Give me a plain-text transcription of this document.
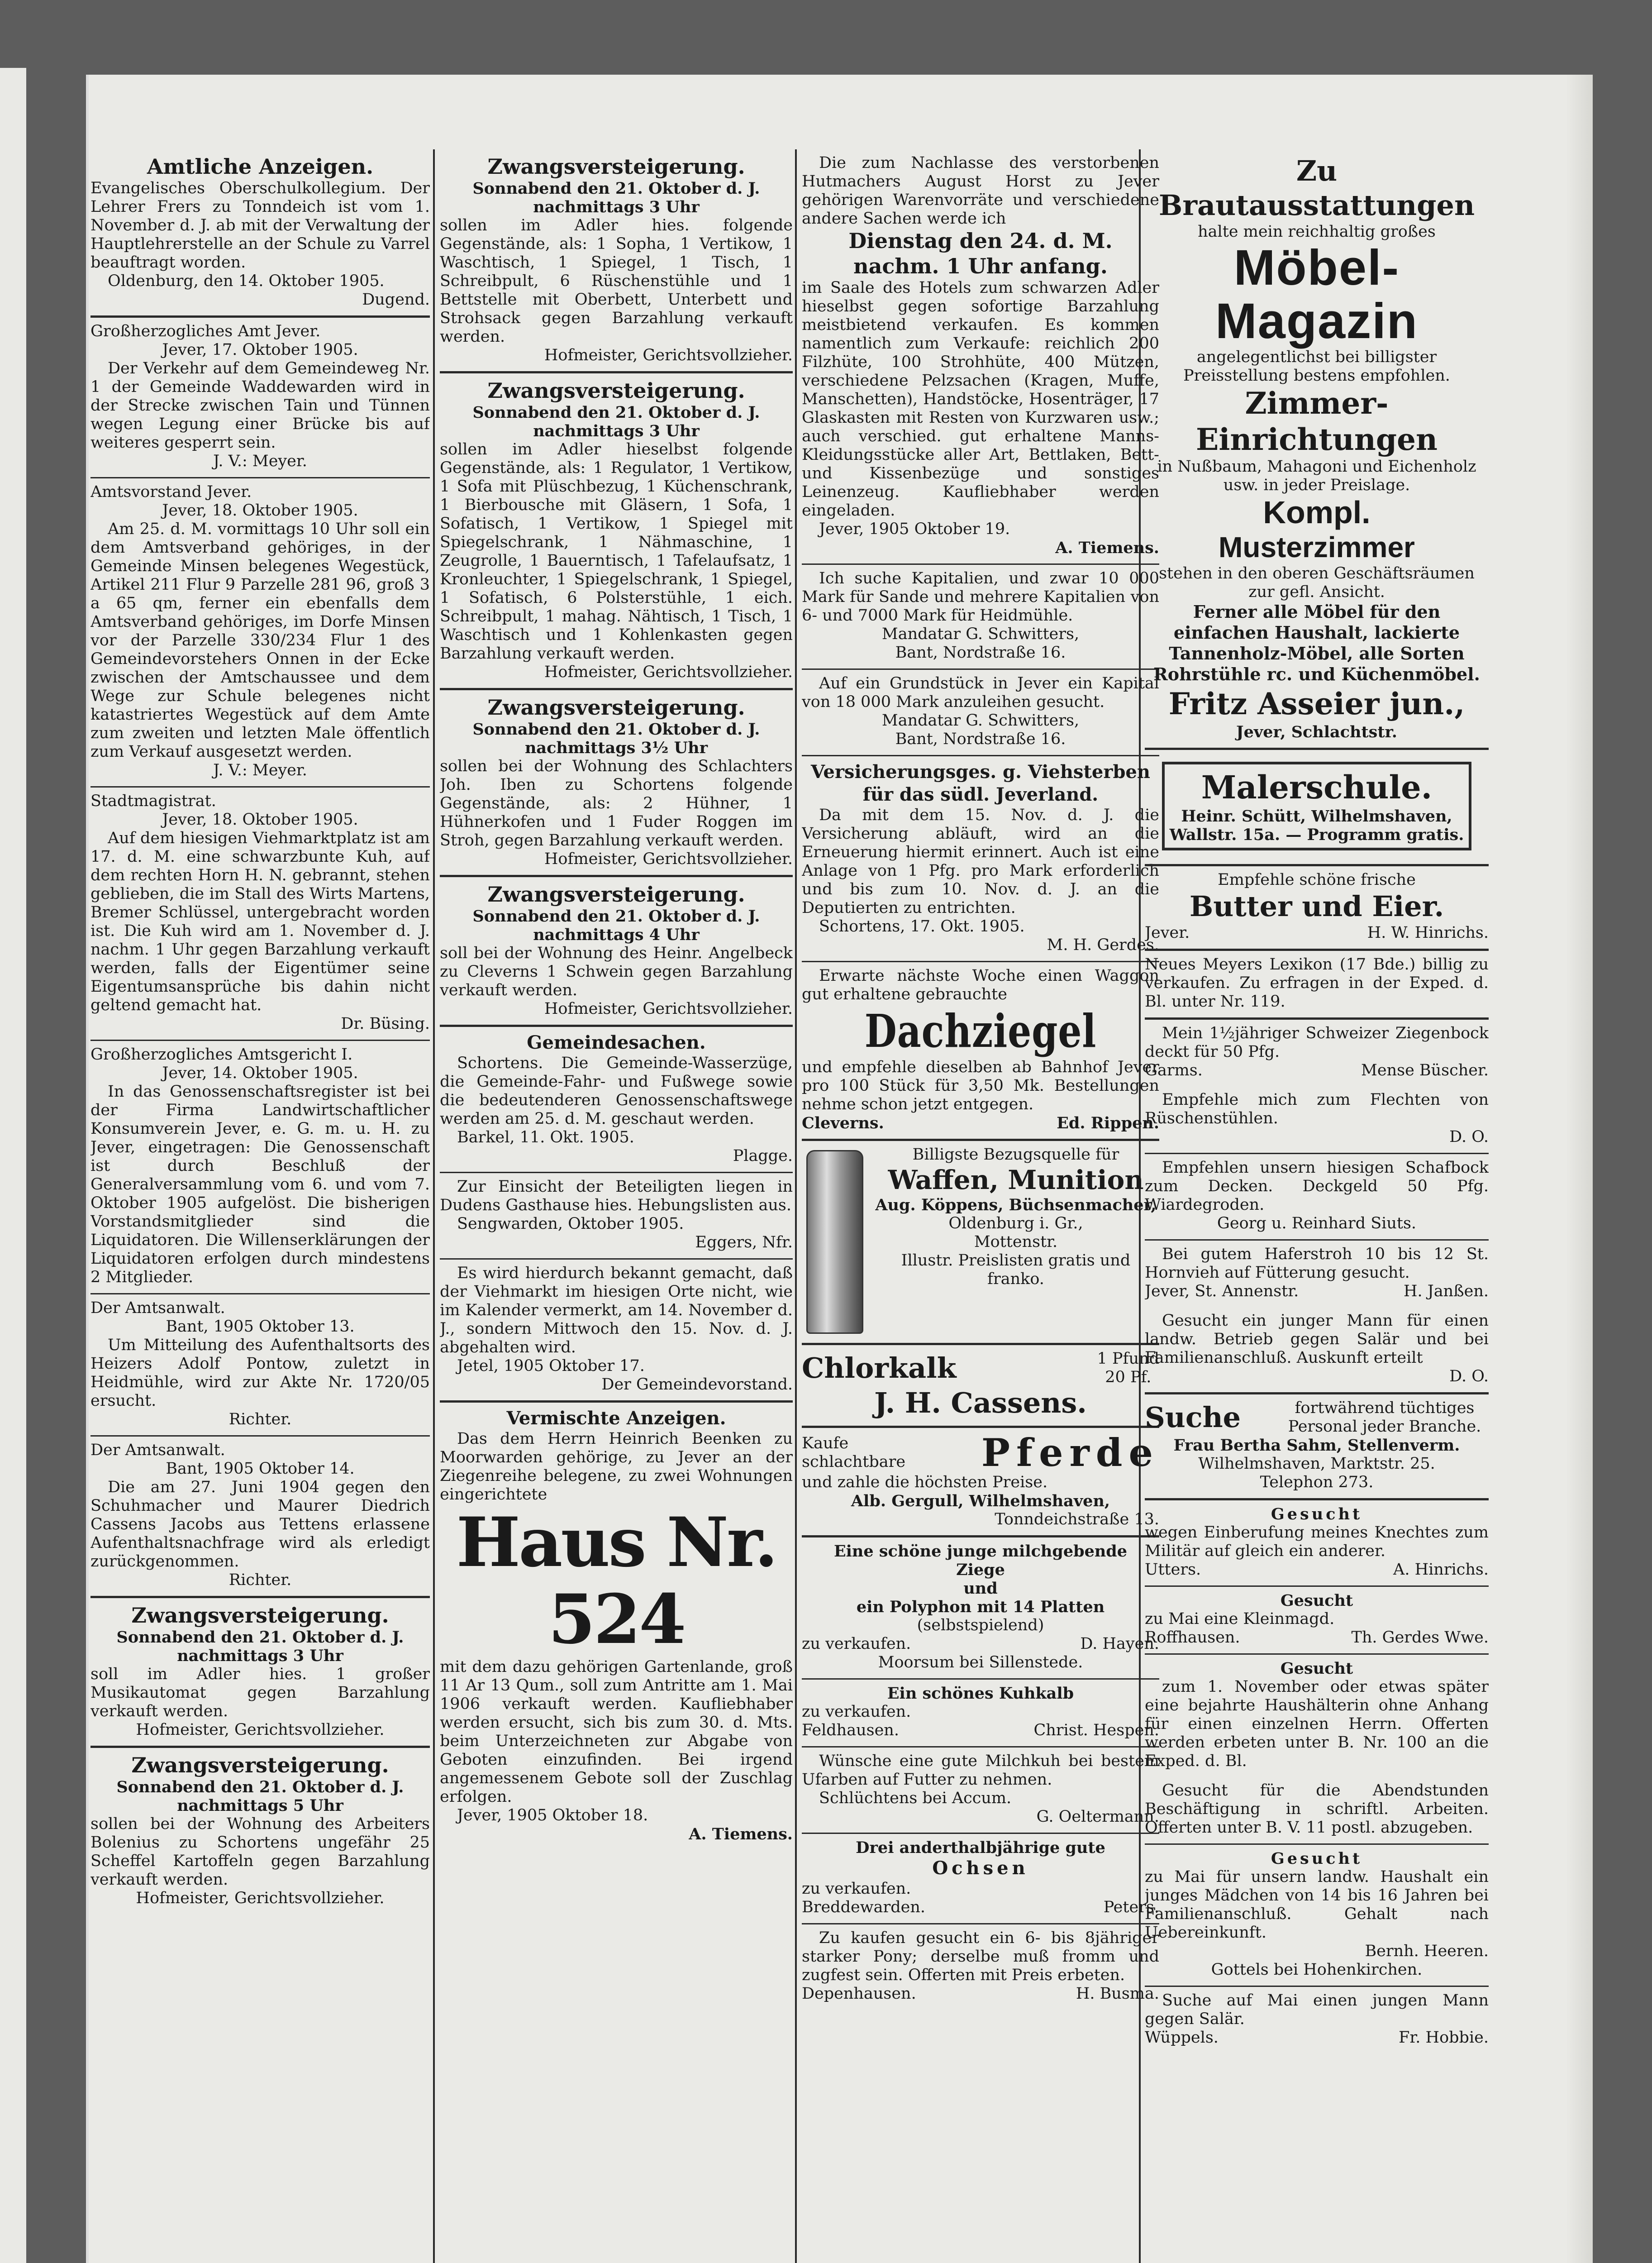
Amtliche Anzeigen.

Evangelisches Oberschulkollegium. Der Lehrer Frers zu Tonndeich ist vom 1. November d. J. ab mit der Verwaltung der Hauptlehrerstelle an der Schule zu Varrel beauftragt worden.

Oldenburg, den 14. Oktober 1905.

Dugend.

Großherzogliches Amt Jever.

Jever, 17. Oktober 1905.

Der Verkehr auf dem Gemeindeweg Nr. 1 der Gemeinde Waddewarden wird in der Strecke zwischen Tain und Tünnen wegen Legung einer Brücke bis auf weiteres gesperrt sein.

J. V.: Meyer.

Amtsvorstand Jever.

Jever, 18. Oktober 1905.

Am 25. d. M. vormittags 10 Uhr soll ein dem Amtsverband gehöriges, in der Gemeinde Minsen belegenes Wegestück, Artikel 211 Flur 9 Parzelle 281 96, groß 3 a 65 qm, ferner ein ebenfalls dem Amtsverband gehöriges, im Dorfe Minsen vor der Parzelle 330/234 Flur 1 des Gemeindevorstehers Onnen in der Ecke zwischen der Amtschaussee und dem Wege zur Schule belegenes nicht katastriertes Wegestück auf dem Amte zum zweiten und letzten Male öffentlich zum Verkauf ausgesetzt werden.

J. V.: Meyer.

Stadtmagistrat.

Jever, 18. Oktober 1905.

Auf dem hiesigen Viehmarktplatz ist am 17. d. M. eine schwarzbunte Kuh, auf dem rechten Horn H. N. gebrannt, stehen geblieben, die im Stall des Wirts Martens, Bremer Schlüssel, untergebracht worden ist. Die Kuh wird am 1. November d. J. nachm. 1 Uhr gegen Barzahlung verkauft werden, falls der Eigentümer seine Eigentumsansprüche bis dahin nicht geltend gemacht hat.

Dr. Büsing.

Großherzogliches Amtsgericht I.

Jever, 14. Oktober 1905.

In das Genossenschaftsregister ist bei der Firma Landwirtschaftlicher Konsumverein Jever, e. G. m. u. H. zu Jever, eingetragen: Die Genossenschaft ist durch Beschluß der Generalversammlung vom 6. und vom 7. Oktober 1905 aufgelöst. Die bisherigen Vorstandsmitglieder sind die Liquidatoren. Die Willenserklärungen der Liquidatoren erfolgen durch mindestens 2 Mitglieder.

Der Amtsanwalt.

Bant, 1905 Oktober 13.

Um Mitteilung des Aufenthaltsorts des Heizers Adolf Pontow, zuletzt in Heidmühle, wird zur Akte Nr. 1720/05 ersucht.

Richter.

Der Amtsanwalt.

Bant, 1905 Oktober 14.

Die am 27. Juni 1904 gegen den Schuhmacher und Maurer Diedrich Cassens Jacobs aus Tettens erlassene Aufenthaltsnachfrage wird als erledigt zurückgenommen.

Richter.

Zwangsversteigerung.

Sonnabend den 21. Oktober d. J.

nachmittags 3 Uhr

soll im Adler hies. 1 großer Musikautomat gegen Barzahlung verkauft werden.

Hofmeister, Gerichtsvollzieher.

Zwangsversteigerung.

Sonnabend den 21. Oktober d. J.

nachmittags 5 Uhr

sollen bei der Wohnung des Arbeiters Bolenius zu Schortens ungefähr 25 Scheffel Kartoffeln gegen Barzahlung verkauft werden.

Hofmeister, Gerichtsvollzieher.

Zwangsversteigerung.

Sonnabend den 21. Oktober d. J.

nachmittags 3 Uhr

sollen im Adler hies. folgende Gegenstände, als: 1 Sopha, 1 Vertikow, 1 Waschtisch, 1 Spiegel, 1 Tisch, 1 Schreibpult, 6 Rüschenstühle und 1 Bettstelle mit Oberbett, Unterbett und Strohsack gegen Barzahlung verkauft werden.

Hofmeister, Gerichtsvollzieher.

Zwangsversteigerung.

Sonnabend den 21. Oktober d. J.

nachmittags 3 Uhr

sollen im Adler hieselbst folgende Gegenstände, als: 1 Regulator, 1 Vertikow, 1 Sofa mit Plüschbezug, 1 Küchenschrank, 1 Bierbousche mit Gläsern, 1 Sofa, 1 Sofatisch, 1 Vertikow, 1 Spiegel mit Spiegelschrank, 1 Nähmaschine, 1 Zeugrolle, 1 Bauerntisch, 1 Tafelaufsatz, 1 Kronleuchter, 1 Spiegelschrank, 1 Spiegel, 1 Sofatisch, 6 Polsterstühle, 1 eich. Schreibpult, 1 mahag. Nähtisch, 1 Tisch, 1 Waschtisch und 1 Kohlenkasten gegen Barzahlung verkauft werden.

Hofmeister, Gerichtsvollzieher.

Zwangsversteigerung.

Sonnabend den 21. Oktober d. J.

nachmittags 3½ Uhr

sollen bei der Wohnung des Schlachters Joh. Iben zu Schortens folgende Gegenstände, als: 2 Hühner, 1 Hühnerkofen und 1 Fuder Roggen im Stroh, gegen Barzahlung verkauft werden.

Hofmeister, Gerichtsvollzieher.

Zwangsversteigerung.

Sonnabend den 21. Oktober d. J.

nachmittags 4 Uhr

soll bei der Wohnung des Heinr. Angelbeck zu Cleverns 1 Schwein gegen Barzahlung verkauft werden.

Hofmeister, Gerichtsvollzieher.

Gemeindesachen.

Schortens. Die Gemeinde-Wasserzüge, die Gemeinde-Fahr- und Fußwege sowie die bedeutenderen Genossenschaftswege werden am 25. d. M. geschaut werden.

Barkel, 11. Okt. 1905.

Plagge.

Zur Einsicht der Beteiligten liegen in Dudens Gasthause hies. Hebungslisten aus.

Sengwarden, Oktober 1905.

Eggers, Nfr.

Es wird hierdurch bekannt gemacht, daß der Viehmarkt im hiesigen Orte nicht, wie im Kalender vermerkt, am 14. November d. J., sondern Mittwoch den 15. Nov. d. J. abgehalten wird.

Jetel, 1905 Oktober 17.

Der Gemeindevorstand.

Vermischte Anzeigen.

Das dem Herrn Heinrich Beenken zu Moorwarden gehörige, zu Jever an der Ziegenreihe belegene, zu zwei Wohnungen eingerichtete

Haus Nr. 524

mit dem dazu gehörigen Gartenlande, groß 11 Ar 13 Qum., soll zum Antritte am 1. Mai 1906 verkauft werden. Kaufliebhaber werden ersucht, sich bis zum 30. d. Mts. beim Unterzeichneten zur Abgabe von Geboten einzufinden. Bei irgend angemessenem Gebote soll der Zuschlag erfolgen.

Jever, 1905 Oktober 18.

A. Tiemens.

Die zum Nachlasse des verstorbenen Hutmachers August Horst zu Jever gehörigen Warenvorräte und verschiedene andere Sachen werde ich

Dienstag den 24. d. M.

nachm. 1 Uhr anfang.

im Saale des Hotels zum schwarzen Adler hieselbst gegen sofortige Barzahlung meistbietend verkaufen. Es kommen namentlich zum Verkaufe: reichlich 200 Filzhüte, 100 Strohhüte, 400 Mützen, verschiedene Pelzsachen (Kragen, Muffe, Manschetten), Handstöcke, Hosenträger, 17 Glaskasten mit Resten von Kurzwaren usw.; auch verschied. gut erhaltene Manns-Kleidungsstücke aller Art, Bettlaken, Bett- und Kissenbezüge und sonstiges Leinenzeug. Kaufliebhaber werden eingeladen.

Jever, 1905 Oktober 19.

A. Tiemens.

Ich suche Kapitalien, und zwar 10 000 Mark für Sande und mehrere Kapitalien von 6- und 7000 Mark für Heidmühle.

Mandatar G. Schwitters,

Bant, Nordstraße 16.

Auf ein Grundstück in Jever ein Kapital von 18 000 Mark anzuleihen gesucht.

Mandatar G. Schwitters,

Bant, Nordstraße 16.

Versicherungsges. g. Viehsterben für das südl. Jeverland.

Da mit dem 15. Nov. d. J. die Versicherung abläuft, wird an die Erneuerung hiermit erinnert. Auch ist eine Anlage von 1 Pfg. pro Mark erforderlich und bis zum 10. Nov. d. J. an die Deputierten zu entrichten.

Schortens, 17. Okt. 1905.

M. H. Gerdes.

Erwarte nächste Woche einen Waggon gut erhaltene gebrauchte

Dachziegel

und empfehle dieselben ab Bahnhof Jever pro 100 Stück für 3,50 Mk. Bestellungen nehme schon jetzt entgegen.

Cleverns.	Ed. Rippen.

Billigste Bezugsquelle für

Waffen, Munition

Aug. Köppens, Büchsenmacher,

Oldenburg i. Gr.,

Mottenstr.

Illustr. Preislisten gratis und franko.

Chlorkalk	1 Pfund
20 Pf.

J. H. Cassens.

Kaufe schlachtbare Pferde

und zahle die höchsten Preise.

Alb. Gergull, Wilhelmshaven,

Tonndeichstraße 13.

Eine schöne junge milchgebende

Ziege

und

ein Polyphon mit 14 Platten

(selbstspielend)

zu verkaufen.	D. Hayen.

Moorsum bei Sillenstede.

Ein schönes Kuhkalb

zu verkaufen.

Feldhausen.	Christ. Hespen.

Wünsche eine gute Milchkuh bei bestem Ufarben auf Futter zu nehmen.

Schlüchtens bei Accum.

G. Oeltermann.

Drei anderthalbjährige gute

Ochsen

zu verkaufen.

Breddewarden.	Peters.

Zu kaufen gesucht ein 6- bis 8jähriger starker Pony; derselbe muß fromm und zugfest sein. Offerten mit Preis erbeten.

Depenhausen.	H. Busma.

Zu Brautausstattungen

halte mein reichhaltig großes

Möbel-

Magazin

angelegentlichst bei billigster Preisstellung bestens empfohlen.

Zimmer-

Einrichtungen

in Nußbaum, Mahagoni und Eichenholz usw. in jeder Preislage.

Kompl.

Musterzimmer

stehen in den oberen Geschäftsräumen zur gefl. Ansicht.

Ferner alle Möbel für den einfachen Haushalt, lackierte Tannenholz-Möbel, alle Sorten Rohrstühle rc. und Küchenmöbel.

Fritz Asseier jun.,

Jever, Schlachtstr.

Malerschule.

Heinr. Schütt, Wilhelmshaven, Wallstr. 15a. — Programm gratis.

Empfehle schöne frische

Butter und Eier.

Jever.	H. W. Hinrichs.

Neues Meyers Lexikon (17 Bde.) billig zu verkaufen. Zu erfragen in der Exped. d. Bl. unter Nr. 119.

Mein 1½jähriger Schweizer Ziegenbock deckt für 50 Pfg.

Garms.	Mense Büscher.

Empfehle mich zum Flechten von Rüschenstühlen.

D. O.

Empfehlen unsern hiesigen Schafbock zum Decken. Deckgeld 50 Pfg. Wiardegroden.

Georg u. Reinhard Siuts.

Bei gutem Haferstroh 10 bis 12 St. Hornvieh auf Fütterung gesucht.

Jever, St. Annenstr.	H. Janßen.

Gesucht ein junger Mann für einen landw. Betrieb gegen Salär und bei Familienanschluß. Auskunft erteilt

D. O.

Suche	fortwährend tüchtiges Personal jeder Branche.

Frau Bertha Sahm, Stellenverm.

Wilhelmshaven, Marktstr. 25.

Telephon 273.

Gesucht

wegen Einberufung meines Knechtes zum Militär auf gleich ein anderer.

Utters.	A. Hinrichs.

Gesucht

zu Mai eine Kleinmagd.

Roffhausen.	Th. Gerdes Wwe.

Gesucht

zum 1. November oder etwas später eine bejahrte Haushälterin ohne Anhang für einen einzelnen Herrn. Offerten werden erbeten unter B. Nr. 100 an die Exped. d. Bl.

Gesucht für die Abendstunden Beschäftigung in schriftl. Arbeiten. Offerten unter B. V. 11 postl. abzugeben.

Gesucht

zu Mai für unsern landw. Haushalt ein junges Mädchen von 14 bis 16 Jahren bei Familienanschluß. Gehalt nach Uebereinkunft.

Bernh. Heeren.

Gottels bei Hohenkirchen.

Suche auf Mai einen jungen Mann gegen Salär.

Wüppels.	Fr. Hobbie.
